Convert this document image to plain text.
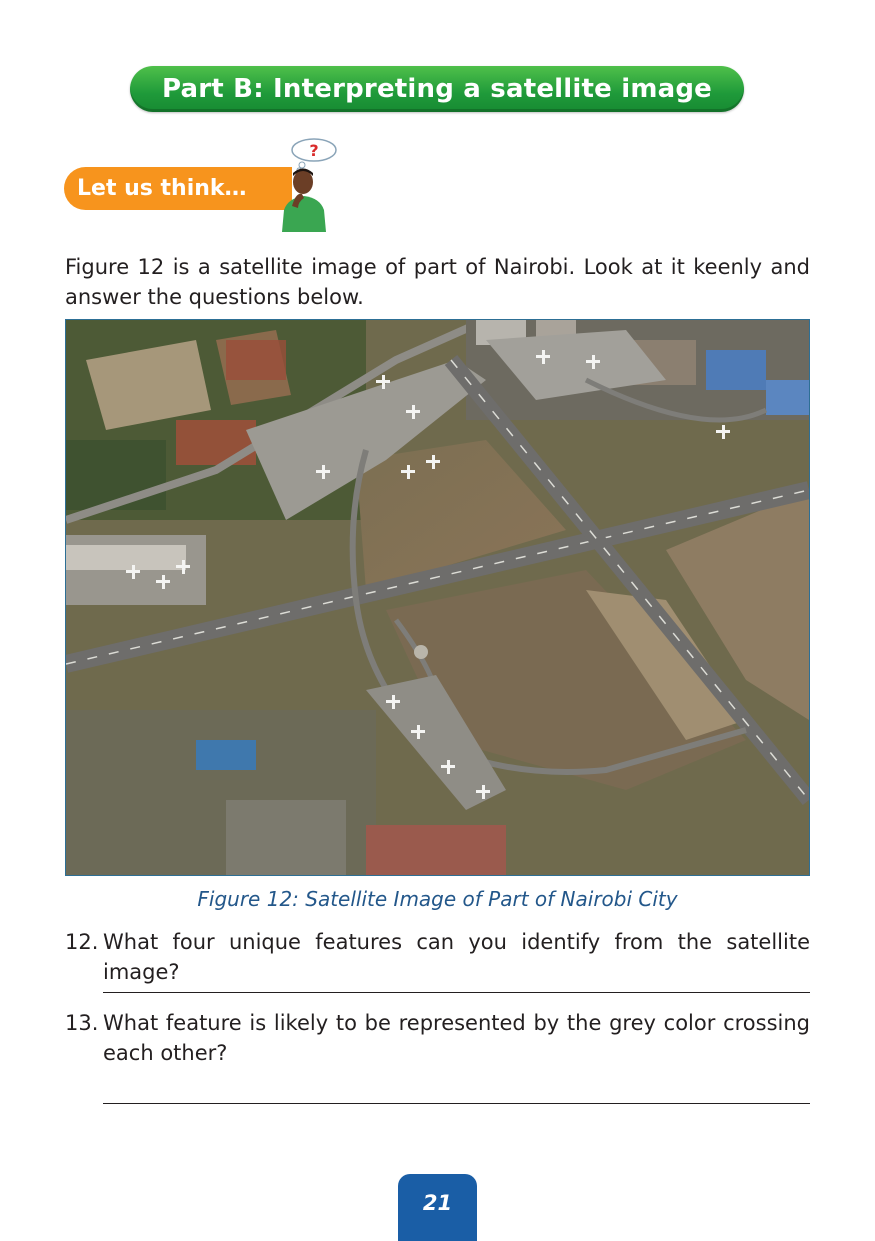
Part B: Interpreting a satellite image
Let us think…
?
Figure 12 is a satellite image of part of Nairobi. Look at it keenly and answer the questions below.
Figure 12: Satellite Image of Part of Nairobi City
12. What four unique features can you identify from the satellite image?
13. What feature is likely to be represented by the grey color crossing each other?
21
